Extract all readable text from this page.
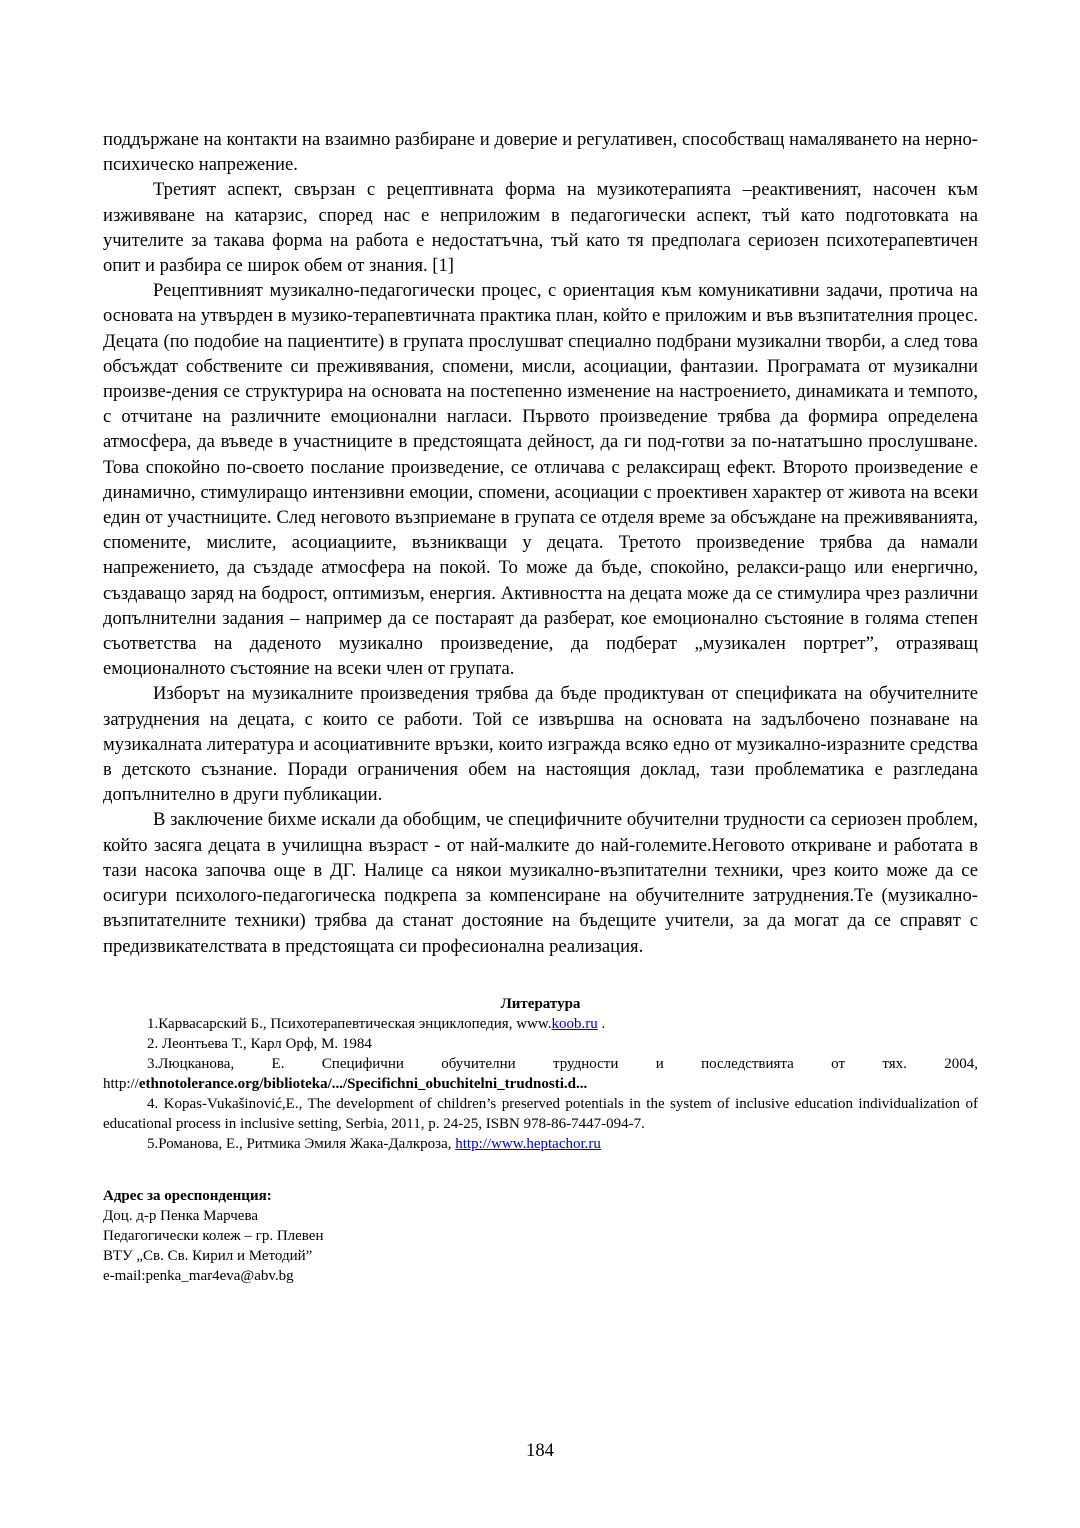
поддържане на контакти на взаимно разбиране и доверие и регулативен, способстващ намаляването на нерно-психическо напрежение.

Третият аспект, свързан с рецептивната форма на музикотерапията –реактивеният, насочен към изживяване на катарзис, според нас е неприложим в педагогически аспект, тъй като подготовката на учителите за такава форма на работа е недостатъчна, тъй като тя предполага сериозен психотерапевтичен опит и разбира се широк обем от знания. [1]

Рецептивният музикално-педагогически процес, с ориентация към комуникативни задачи, протича на основата на утвърден в музико-терапевтичната практика план, който е приложим и във възпитателния процес. Децата (по подобие на пациентите) в групата прослушват специално подбрани музикални творби, а след това обсъждат собствените си преживявания, спомени, мисли, асоциации, фантазии. Програмата от музикални произве-дения се структурира на основата на постепенно изменение на настроението, динамиката и темпото, с отчитане на различните емоционални нагласи. Първото произведение трябва да формира определена атмосфера, да въведе в участниците в предстоящата дейност, да ги под-готви за по-нататъшно прослушване. Това спокойно по-своето послание произведение, се отличава с релаксиращ ефект. Второто произведение е динамично, стимулиращо интензивни емоции, спомени, асоциации с проективен характер от живота на всеки един от участниците. След неговото възприемане в групата се отделя време за обсъждане на преживяванията, спомените, мислите, асоциациите, възникващи у децата. Третото произведение трябва да намали напрежението, да създаде атмосфера на покой. То може да бъде, спокойно, релакси-ращо или енергично, създаващо заряд на бодрост, оптимизъм, енергия. Активността на децата може да се стимулира чрез различни допълнителни задания – например да се постараят да разберат, кое емоционално състояние в голяма степен съответства на даденото музикално произведение, да подберат „музикален портрет”, отразяващ емоционалното състояние на всеки член от групата.

Изборът на музикалните произведения трябва да бъде продиктуван от спецификата на обучителните затруднения на децата, с които се работи. Той се извършва на основата на задълбочено познаване на музикалната литература и асоциативните връзки, които изгражда всяко едно от музикално-изразните средства в детското съзнание. Поради ограничения обем на настоящия доклад, тази проблематика е разгледана допълнително в други публикации.

В заключение бихме искали да обобщим, че специфичните обучителни трудности са сериозен проблем, който засяга децата в училищна възраст - от най-малките до най-големите.Неговото откриване и работата в тази насока започва още в ДГ. Налице са някои музикално-възпитателни техники, чрез които може да се осигури психолого-педагогическа подкрепа за компенсиране на обучителните затруднения.Те (музикално-възпитателните техники) трябва да станат достояние на бъдещите учители, за да могат да се справят с предизвикателствата в предстоящата си професионална реализация.

Литература

1.Карвасарский Б., Психотерапевтическая энциклопедия, www.koob.ru .

2. Леонтьева Т., Карл Орф, М. 1984

3.Люцканова, Е. Специфични обучителни трудности и последствията от тях. 2004, http://ethnotolerance.org/biblioteka/.../Specifichni_obuchitelni_trudnosti.d...

4. Kopas-Vukašinović,E., The development of children’s preserved potentials in the system of inclusive education individualization of educational process in inclusive setting, Serbia, 2011, p. 24-25, ISBN 978-86-7447-094-7.

5.Романова, Е., Ритмика Эмиля Жака-Далкроза, http://www.heptachor.ru

Адрес за ореспонденция:
Доц. д-р Пенка Марчева
Педагогически колеж – гр. Плевен
ВТУ „Св. Св. Кирил и Методий”
e-mail:penka_mar4eva@abv.bg
184
